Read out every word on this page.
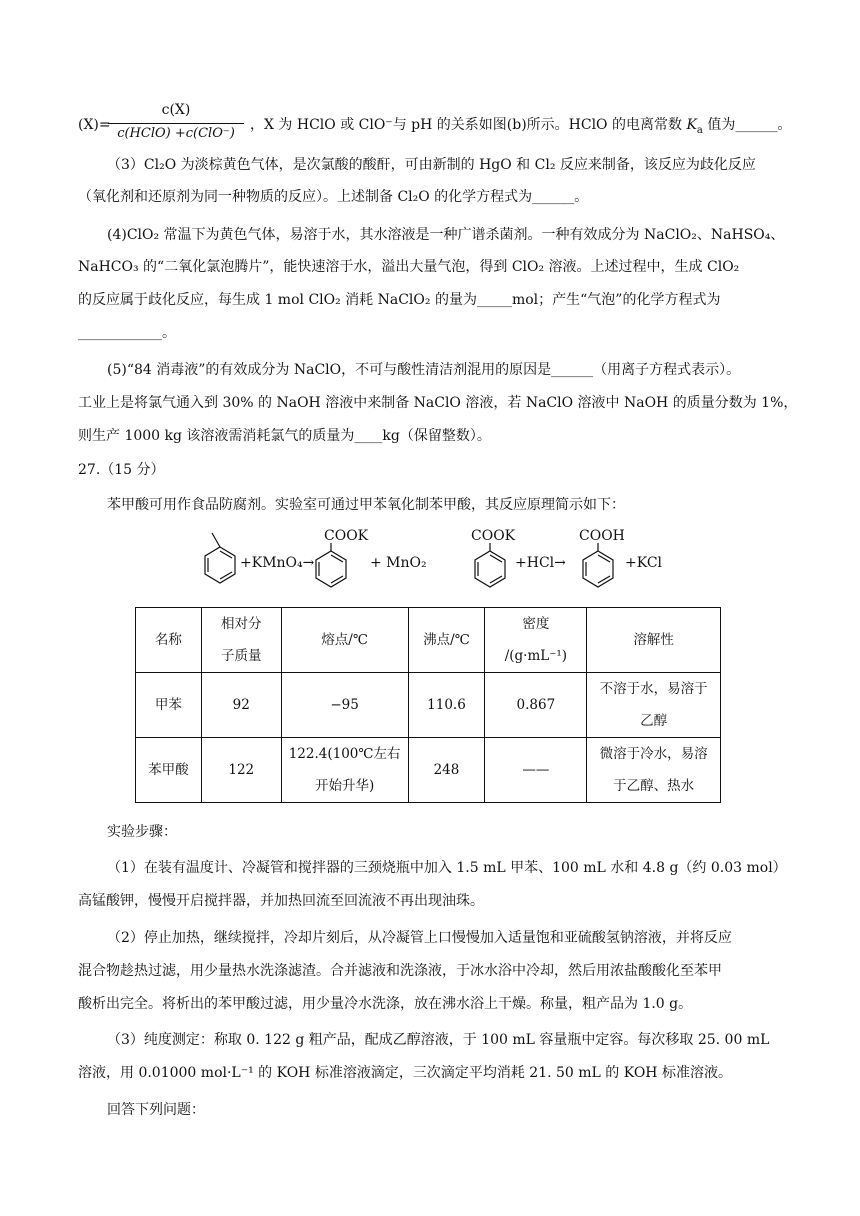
(X)=
c(X)
c(HClO) +c(ClO⁻)
，X 为 HClO 或 ClO⁻与 pH 的关系如图(b)所示。HClO 的电离常数 $K_a$ 值为______。
（3）Cl₂O 为淡棕黄色气体，是次氯酸的酸酐，可由新制的 HgO 和 Cl₂ 反应来制备，该反应为歧化反应
（氧化剂和还原剂为同一种物质的反应）。上述制备 Cl₂O 的化学方程式为______。
(4)ClO₂ 常温下为黄色气体，易溶于水，其水溶液是一种广谱杀菌剂。一种有效成分为 NaClO₂、NaHSO₄、
NaHCO₃ 的“二氧化氯泡腾片”，能快速溶于水，溢出大量气泡，得到 ClO₂ 溶液。上述过程中，生成 ClO₂
的反应属于歧化反应，每生成 1 mol ClO₂ 消耗 NaClO₂ 的量为_____mol；产生“气泡”的化学方程式为
____________。
(5)“84 消毒液”的有效成分为 NaClO，不可与酸性清洁剂混用的原因是______（用离子方程式表示）。
工业上是将氯气通入到 30% 的 NaOH 溶液中来制备 NaClO 溶液，若 NaClO 溶液中 NaOH 的质量分数为 1%，
则生产 1000 kg 该溶液需消耗氯气的质量为____kg（保留整数）。
27.（15 分）
苯甲酸可用作食品防腐剂。实验室可通过甲苯氧化制苯甲酸，其反应原理简示如下：
+KMnO₄→
COOK
+ MnO₂
COOK
+HCl→
COOH
+KCl
名称	相对分
子质量	熔点/℃	沸点/℃	密度
/(g·mL⁻¹)	溶解性
甲苯	92	−95	110.6	0.867	不溶于水，易溶于
乙醇
苯甲酸	122	122.4(100℃左右
开始升华)	248	——	微溶于冷水，易溶
于乙醇、热水
实验步骤：
（1）在装有温度计、冷凝管和搅拌器的三颈烧瓶中加入 1.5 mL 甲苯、100 mL 水和 4.8 g（约 0.03 mol）
高锰酸钾，慢慢开启搅拌器，并加热回流至回流液不再出现油珠。
（2）停止加热，继续搅拌，冷却片刻后，从冷凝管上口慢慢加入适量饱和亚硫酸氢钠溶液，并将反应
混合物趁热过滤，用少量热水洗涤滤渣。合并滤液和洗涤液，于冰水浴中冷却，然后用浓盐酸酸化至苯甲
酸析出完全。将析出的苯甲酸过滤，用少量冷水洗涤，放在沸水浴上干燥。称量，粗产品为 1.0 g。
（3）纯度测定：称取 0. 122 g 粗产品，配成乙醇溶液，于 100 mL 容量瓶中定容。每次移取 25. 00 mL
溶液，用 0.01000 mol·L⁻¹ 的 KOH 标准溶液滴定，三次滴定平均消耗 21. 50 mL 的 KOH 标准溶液。
回答下列问题：
